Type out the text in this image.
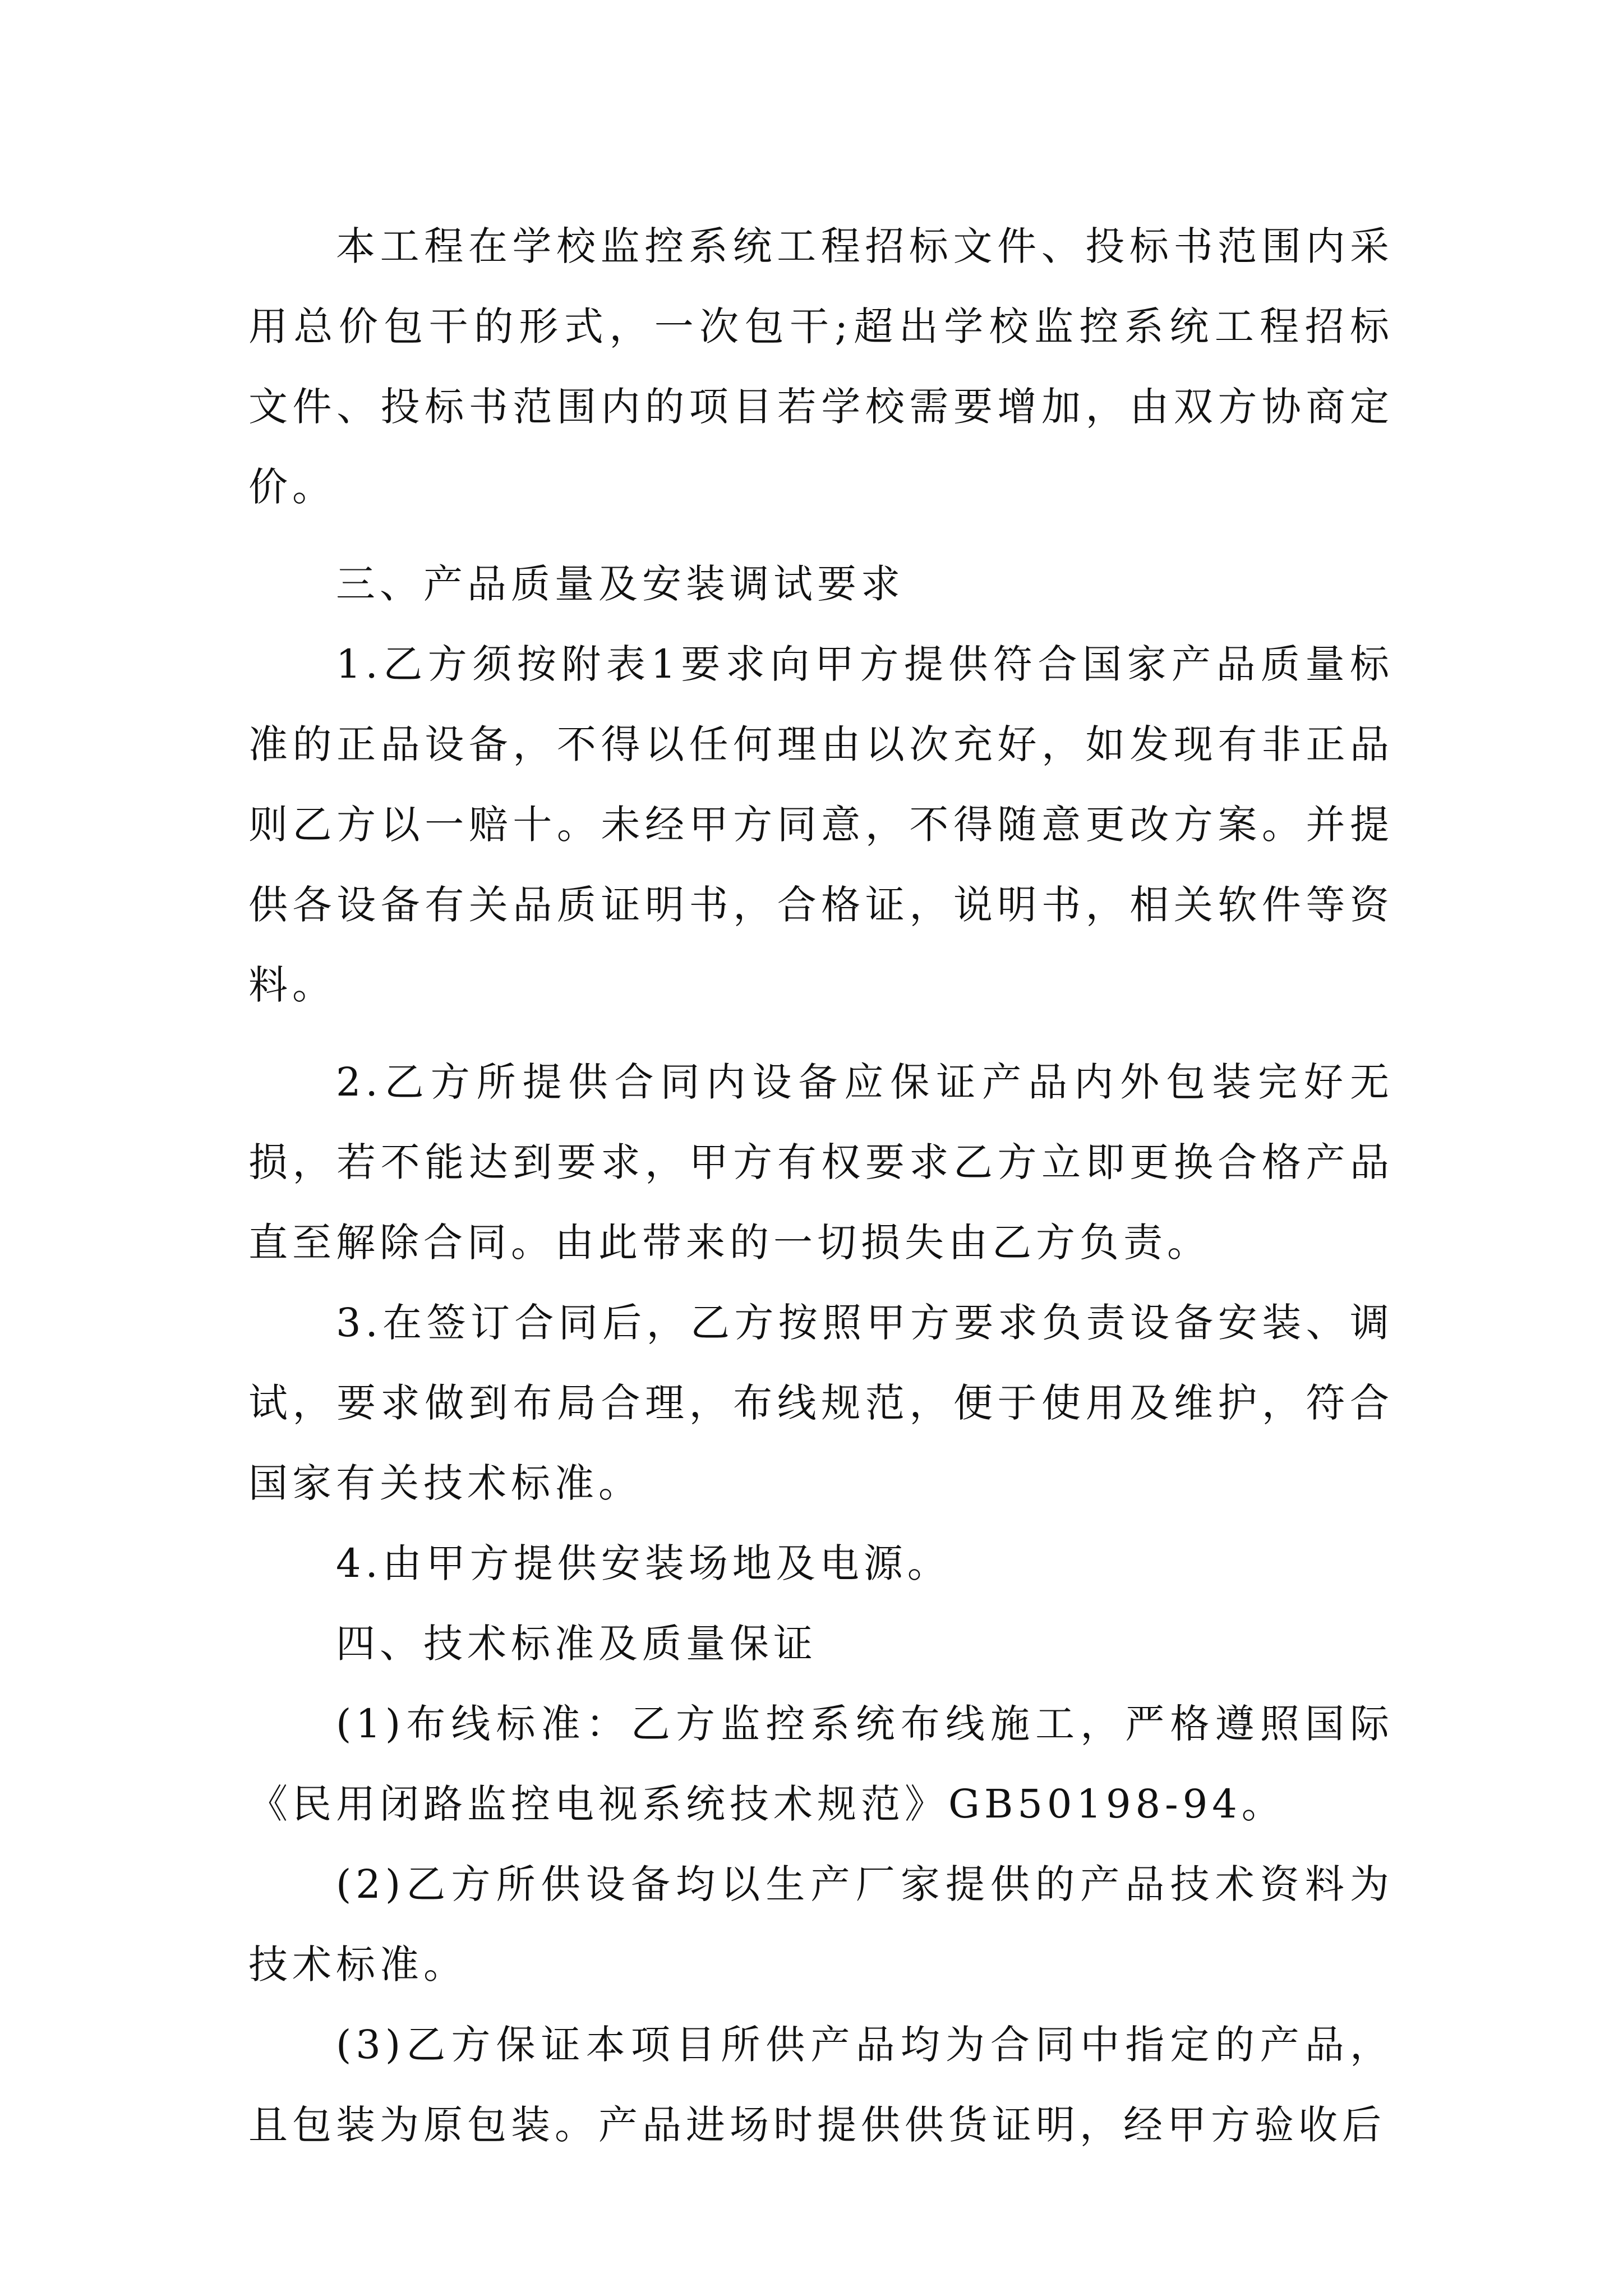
本工程在学校监控系统工程招标文件、投标书范围内采用总价包干的形式，一次包干;超出学校监控系统工程招标文件、投标书范围内的项目若学校需要增加，由双方协商定价。

三、产品质量及安装调试要求

1.乙方须按附表1要求向甲方提供符合国家产品质量标准的正品设备，不得以任何理由以次充好，如发现有非正品则乙方以一赔十。未经甲方同意，不得随意更改方案。并提供各设备有关品质证明书，合格证，说明书，相关软件等资料。

2.乙方所提供合同内设备应保证产品内外包装完好无损，若不能达到要求，甲方有权要求乙方立即更换合格产品直至解除合同。由此带来的一切损失由乙方负责。

3.在签订合同后，乙方按照甲方要求负责设备安装、调试，要求做到布局合理，布线规范，便于使用及维护，符合国家有关技术标准。

4.由甲方提供安装场地及电源。

四、技术标准及质量保证

(1)布线标准：乙方监控系统布线施工，严格遵照国际《民用闭路监控电视系统技术规范》GB50198-94。

(2)乙方所供设备均以生产厂家提供的产品技术资料为技术标准。

(3)乙方保证本项目所供产品均为合同中指定的产品，且包装为原包装。产品进场时提供供货证明，经甲方验收后
